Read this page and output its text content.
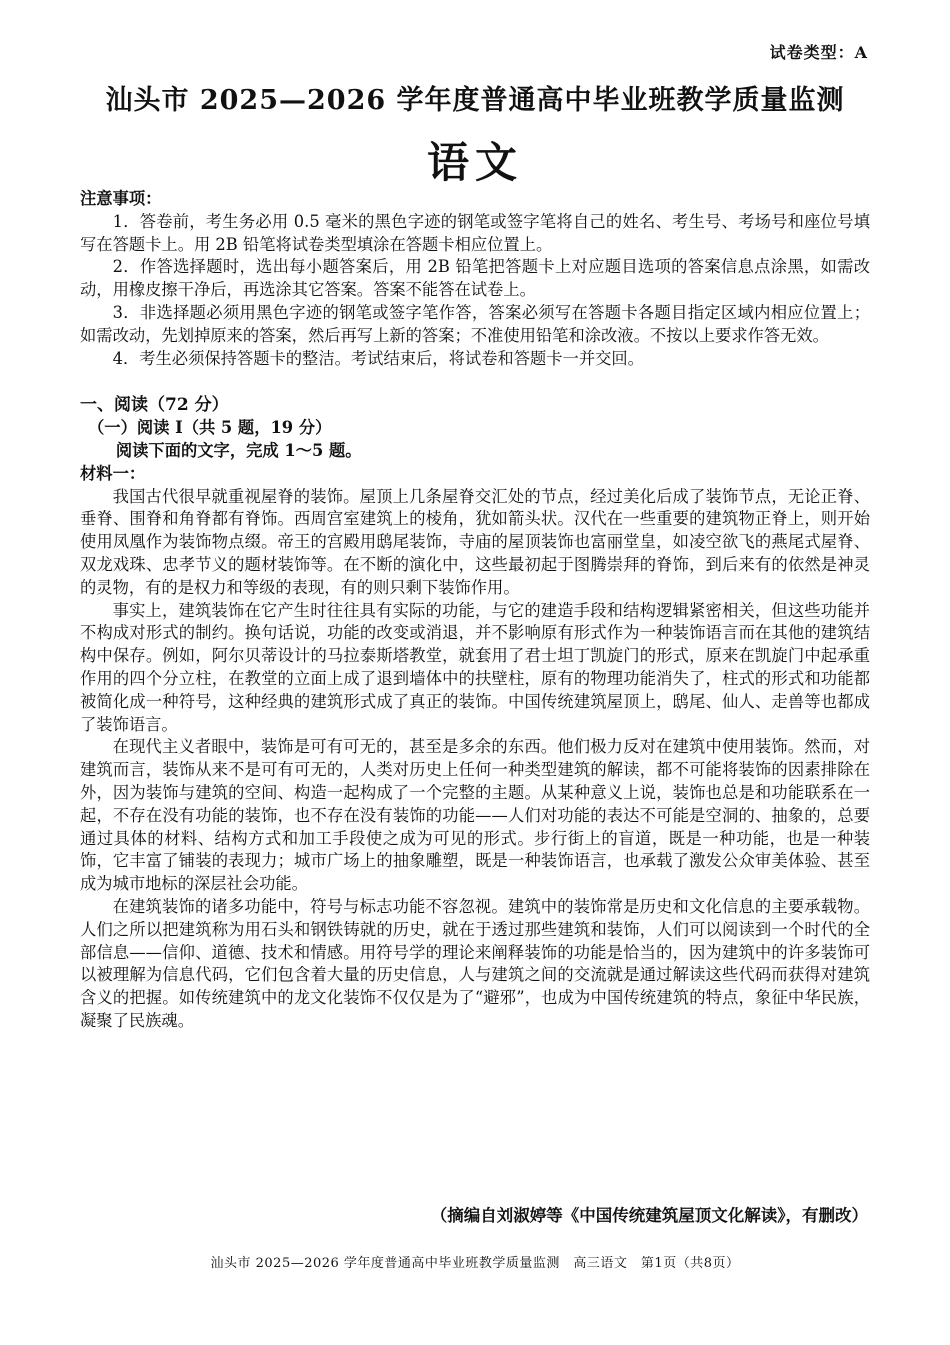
试卷类型：A
汕头市 2025—2026 学年度普通高中毕业班教学质量监测
语文
注意事项：
1．答卷前，考生务必用 0.5 毫米的黑色字迹的钢笔或签字笔将自己的姓名、考生号、考场号和座位号填写在答题卡上。用 2B 铅笔将试卷类型填涂在答题卡相应位置上。
2．作答选择题时，选出每小题答案后，用 2B 铅笔把答题卡上对应题目选项的答案信息点涂黑，如需改动，用橡皮擦干净后，再选涂其它答案。答案不能答在试卷上。
3．非选择题必须用黑色字迹的钢笔或签字笔作答，答案必须写在答题卡各题目指定区域内相应位置上；如需改动，先划掉原来的答案，然后再写上新的答案；不准使用铅笔和涂改液。不按以上要求作答无效。
4．考生必须保持答题卡的整洁。考试结束后，将试卷和答题卡一并交回。
一、阅读（72 分）
（一）阅读 I（共 5 题，19 分）
阅读下面的文字，完成 1～5 题。
材料一：
我国古代很早就重视屋脊的装饰。屋顶上几条屋脊交汇处的节点，经过美化后成了装饰节点，无论正脊、垂脊、围脊和角脊都有脊饰。西周宫室建筑上的棱角，犹如箭头状。汉代在一些重要的建筑物正脊上，则开始使用凤凰作为装饰物点缀。帝王的宫殿用鸱尾装饰，寺庙的屋顶装饰也富丽堂皇，如凌空欲飞的燕尾式屋脊、双龙戏珠、忠孝节义的题材装饰等。在不断的演化中，这些最初起于图腾崇拜的脊饰，到后来有的依然是神灵的灵物，有的是权力和等级的表现，有的则只剩下装饰作用。
事实上，建筑装饰在它产生时往往具有实际的功能，与它的建造手段和结构逻辑紧密相关，但这些功能并不构成对形式的制约。换句话说，功能的改变或消退，并不影响原有形式作为一种装饰语言而在其他的建筑结构中保存。例如，阿尔贝蒂设计的马拉泰斯塔教堂，就套用了君士坦丁凯旋门的形式，原来在凯旋门中起承重作用的四个分立柱，在教堂的立面上成了退到墙体中的扶壁柱，原有的物理功能消失了，柱式的形式和功能都被简化成一种符号，这种经典的建筑形式成了真正的装饰。中国传统建筑屋顶上，鸱尾、仙人、走兽等也都成了装饰语言。
在现代主义者眼中，装饰是可有可无的，甚至是多余的东西。他们极力反对在建筑中使用装饰。然而，对建筑而言，装饰从来不是可有可无的，人类对历史上任何一种类型建筑的解读，都不可能将装饰的因素排除在外，因为装饰与建筑的空间、构造一起构成了一个完整的主题。从某种意义上说，装饰也总是和功能联系在一起，不存在没有功能的装饰，也不存在没有装饰的功能——人们对功能的表达不可能是空洞的、抽象的，总要通过具体的材料、结构方式和加工手段使之成为可见的形式。步行街上的盲道，既是一种功能，也是一种装饰，它丰富了铺装的表现力；城市广场上的抽象雕塑，既是一种装饰语言，也承载了激发公众审美体验、甚至成为城市地标的深层社会功能。
在建筑装饰的诸多功能中，符号与标志功能不容忽视。建筑中的装饰常是历史和文化信息的主要承载物。人们之所以把建筑称为用石头和钢铁铸就的历史，就在于透过那些建筑和装饰，人们可以阅读到一个时代的全部信息——信仰、道德、技术和情感。用符号学的理论来阐释装饰的功能是恰当的，因为建筑中的许多装饰可以被理解为信息代码，它们包含着大量的历史信息，人与建筑之间的交流就是通过解读这些代码而获得对建筑含义的把握。如传统建筑中的龙文化装饰不仅仅是为了“避邪”，也成为中国传统建筑的特点，象征中华民族，凝聚了民族魂。
（摘编自刘淑婷等《中国传统建筑屋顶文化解读》，有删改）
汕头市 2025—2026 学年度普通高中毕业班教学质量监测　高三语文　第1页（共8页）
